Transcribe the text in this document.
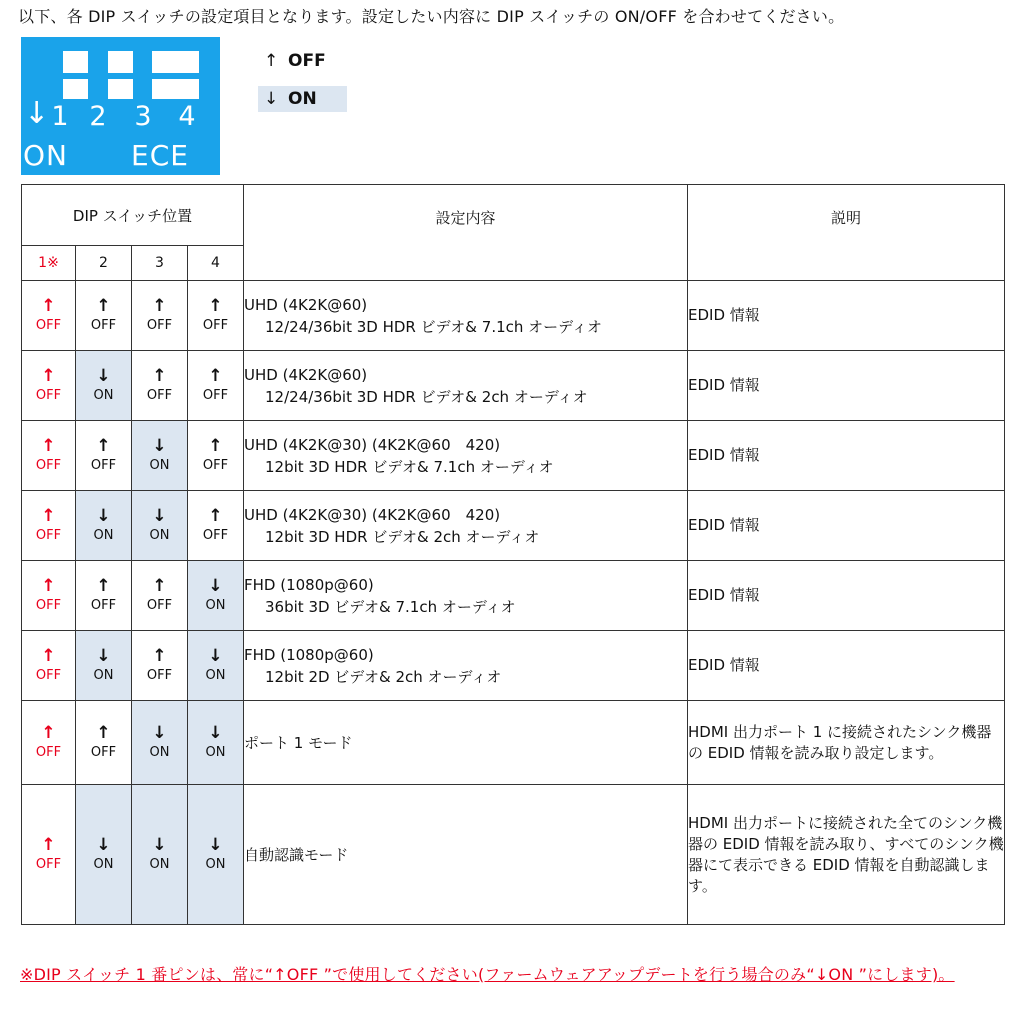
以下、各 DIP スイッチの設定項目となります。設定したい内容に DIP スイッチの ON/OFF を合わせてください。
↓ 1 2 3 4
ON ECE
↑ OFF
↓ ON
DIP スイッチ位置				設定内容	説明
1※	2	3	4		

↑
OFF	↑
OFF	↑
OFF	↑
OFF	UHD (4K2K@60)
12/24/36bit 3D HDR ビデオ& 7.1ch オーディオ	EDID 情報

↑
OFF	↓
ON	↑
OFF	↑
OFF	UHD (4K2K@60)
12/24/36bit 3D HDR ビデオ& 2ch オーディオ	EDID 情報

↑
OFF	↑
OFF	↓
ON	↑
OFF	UHD (4K2K@30) (4K2K@60　420)
12bit 3D HDR ビデオ& 7.1ch オーディオ	EDID 情報

↑
OFF	↓
ON	↓
ON	↑
OFF	UHD (4K2K@30) (4K2K@60　420)
12bit 3D HDR ビデオ& 2ch オーディオ	EDID 情報

↑
OFF	↑
OFF	↑
OFF	↓
ON	FHD (1080p@60)
36bit 3D ビデオ& 7.1ch オーディオ	EDID 情報

↑
OFF	↓
ON	↑
OFF	↓
ON	FHD (1080p@60)
12bit 2D ビデオ& 2ch オーディオ	EDID 情報

↑
OFF	↑
OFF	↓
ON	↓
ON	ポート 1 モード	HDMI 出力ポート 1 に接続されたシンク機器の EDID 情報を読み取り設定します。

↑
OFF	↓
ON	↓
ON	↓
ON	自動認識モード	HDMI 出力ポートに接続された全てのシンク機器の EDID 情報を読み取り、すべてのシンク機器にて表示できる EDID 情報を自動認識します。
※DIP スイッチ 1 番ピンは、常に“↑OFF ”で使用してください(ファームウェアアップデートを行う場合のみ“↓ON ”にします)。
